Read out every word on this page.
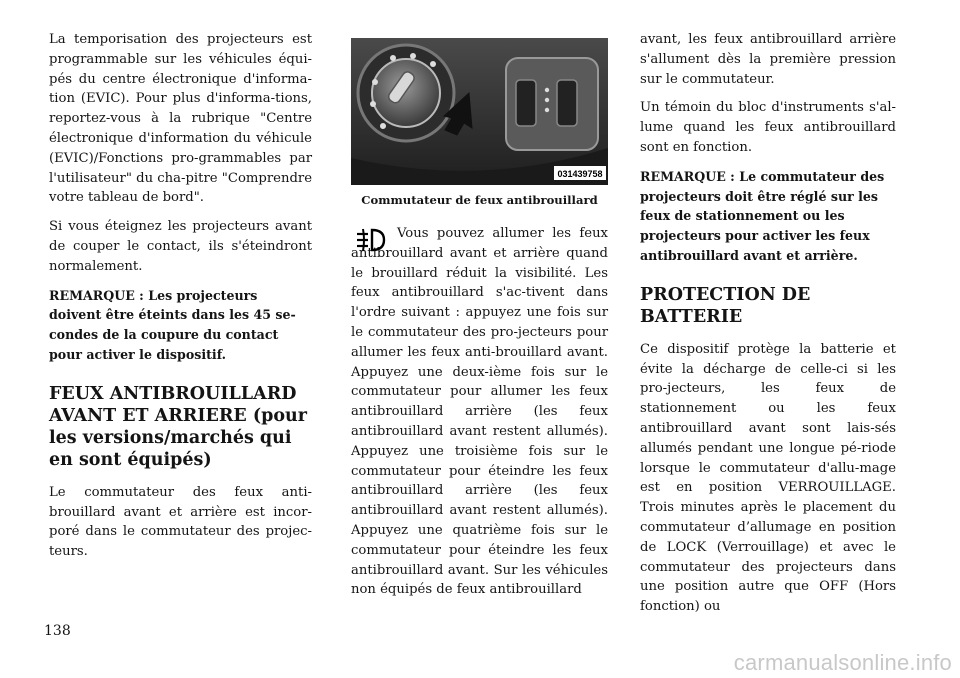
La temporisation des projecteurs est programmable sur les véhicules équi-pés du centre électronique d'informa-tion (EVIC). Pour plus d'informa-tions, reportez-vous à la rubrique "Centre électronique d'information du véhicule (EVIC)/Fonctions pro-grammables par l'utilisateur" du cha-pitre "Comprendre votre tableau de bord".

Si vous éteignez les projecteurs avant de couper le contact, ils s'éteindront normalement.

REMARQUE : Les projecteurs doivent être éteints dans les 45 se-condes de la coupure du contact pour activer le dispositif.

FEUX ANTIBROUILLARD AVANT ET ARRIERE (pour les versions/marchés qui en sont équipés)

Le commutateur des feux anti-brouillard avant et arrière est incor-poré dans le commutateur des projec-teurs.

031439758
Commutateur de feux antibrouillard

Vous pouvez allumer les feux antibrouillard avant et arrière quand le brouillard réduit la visibilité. Les feux antibrouillard s'ac-tivent dans l'ordre suivant : appuyez une fois sur le commutateur des pro-jecteurs pour allumer les feux anti-brouillard avant. Appuyez une deux-ième fois sur le commutateur pour allumer les feux antibrouillard arrière (les feux antibrouillard avant restent allumés). Appuyez une troisième fois sur le commutateur pour éteindre les feux antibrouillard arrière (les feux antibrouillard avant restent allumés). Appuyez une quatrième fois sur le commutateur pour éteindre les feux antibrouillard avant. Sur les véhicules non équipés de feux antibrouillard

avant, les feux antibrouillard arrière s'allument dès la première pression sur le commutateur.

Un témoin du bloc d'instruments s'al-lume quand les feux antibrouillard sont en fonction.

REMARQUE : Le commutateur des projecteurs doit être réglé sur les feux de stationnement ou les projecteurs pour activer les feux antibrouillard avant et arrière.

PROTECTION DE BATTERIE

Ce dispositif protège la batterie et évite la décharge de celle-ci si les pro-jecteurs, les feux de stationnement ou les feux antibrouillard avant sont lais-sés allumés pendant une longue pé-riode lorsque le commutateur d'allu-mage est en position VERROUILLAGE. Trois minutes après le placement du commutateur d’allumage en position de LOCK (Verrouillage) et avec le commutateur des projecteurs dans une position autre que OFF (Hors fonction) ou

138
carmanualsonline.info
